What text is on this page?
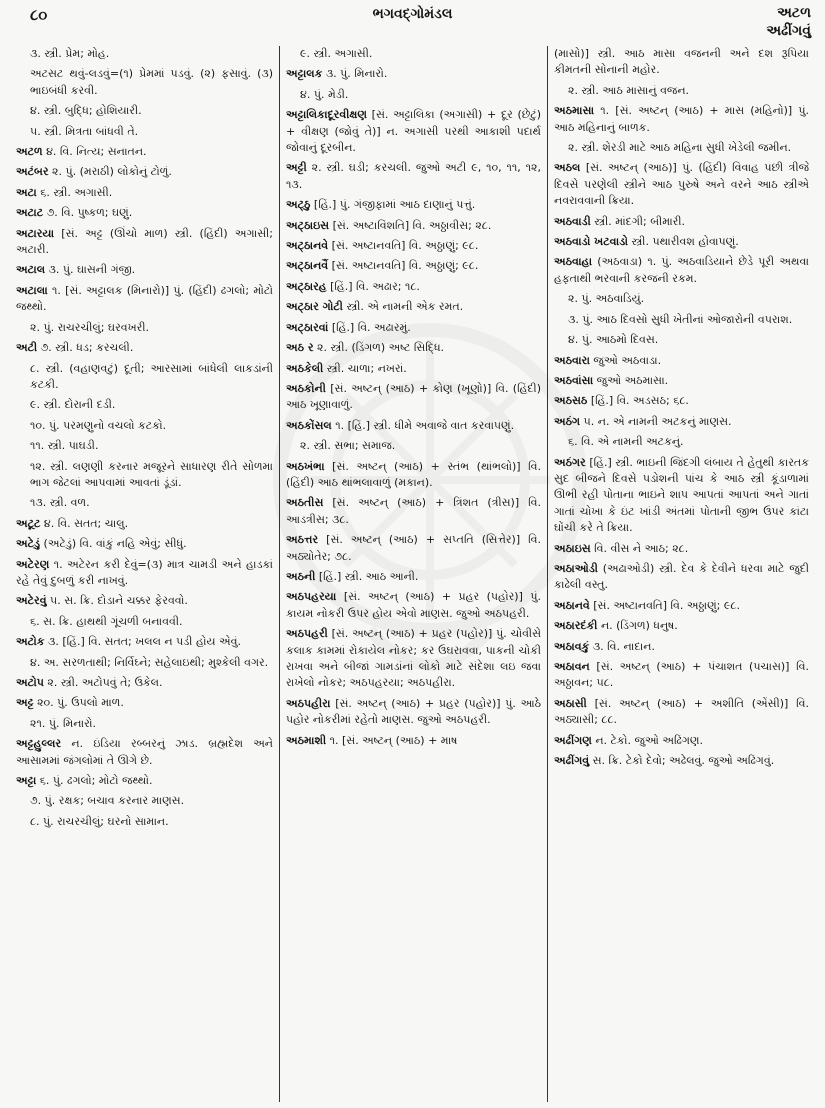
૮૦	ભગવદ્ગોમંડલ	અટળ
અઢીંગવું
૩. સ્ત્રી. પ્રેમ; મોહ.
અટસટ થવું-લડવું=(૧) પ્રેમમાં પડવું. (૨) ફસાવું. (૩) ભાઇબંધી કરવી.
૪. સ્ત્રી. બુદ્ધિ; હોશિયારી.
૫. સ્ત્રી. મિત્રતા બાંધવી તે.
અટળ ૪. વિ. નિત્ય; સનાતન.
અટંબર ૨. પું. (મરાઠી) લોકોનું ટોળું.
અટા ૬. સ્ત્રી. અગાસી.
અટાટ ૭. વિ. પુષ્કળ; ઘણું.
અટારયા [સં. અટ્ટ (ઊંચો માળ) સ્ત્રી. (હિંદી) અગાસી; અટારી.
અટાલ ૩. પું. ઘાસની ગંજી.
અટાલા ૧. [સં. અટ્ટાલક (મિનારો)] પું. (હિંદી) ઢગલો; મોટો જથ્થો.
૨. પું. રાચરચીલું; ઘરવખરી.
અટી ૭. સ્ત્રી. ધડ; કરચલી.
૮. સ્ત્રી. (વહાણવટું) દૂતી; આરસામાં બાંધેલી લાકડાંની કટકી.
૯. સ્ત્રી. દોરાની દડી.
૧૦. પું. પરમણુનો વચલો કટકો.
૧૧. સ્ત્રી. પાઘડી.
૧૨. સ્ત્રી. લણણી કરનાર મજૂરને સાધારણ રીતે સોળમા ભાગ જેટલાં આપવામાં આવતાં ડૂંડાં.
૧૩. સ્ત્રી. વળ.
અટૂટ ૪. વિ. સતત; ચાલુ.
અટેડું (અટેડું) વિ. વાંકું નહિ એવું; સીધું.
અટેરણ ૧. અટેરન કરી દેવું=(૩) માત્ર ચામડી અને હાડકાં રહે તેવું દુબળું કરી નાખવું.
અટેરવું ૫. સ. ક્રિ. દોડાને ચક્કર ફેરવવો.
૬. સ. ક્રિ. હાથથી ગૂંચળી બનાવવી.
અટોક ૩. [હિં.] વિ. સતત; ખલલ ન પડી હોય એવું.
૪. અ. સરળતાથી; નિર્વિઘ્ને; સહેલાઇથી; મુશ્કેલી વગર.
અટોપ ૨. સ્ત્રી. અટોપવું તે; ઉકેલ.
અટ્ટ ૨૦. પું. ઉપલો માળ.
૨૧. પું. મિનારો.
અટ્ટહુલ્લર ન. ઇંડિયા રબ્બરનું ઝાડ. બ્રહ્મદેશ અને આસામમાં જંગલોમાં તે ઊગે છે.
અટ્ટા ૬. પું. ઢગલો; મોટો જથ્થો.
૭. પું. રક્ષક; બચાવ કરનાર માણસ.
૮. પું. રાચરચીલું; ઘરનો સામાન.
૯. સ્ત્રી. અગાસી.
અટ્ટાલક ૩. પું. મિનારો.
૪. પું. મેડી.
અટ્ટાલિકાદૂરવીક્ષણ [સં. અટ્ટાલિકા (અગાસી) + દૂર (છેટું) + વીક્ષણ (જોવું તે)] ન. અગાસી પરથી આકાશી પદાર્થ જોવાનું દૂરબીન.
અટ્ટી ૨. સ્ત્રી. ઘડી; કરચલી. જુઓ અટી ૯, ૧૦, ૧૧, ૧૨, ૧૩.
અટ્ઠુ [હિં.] પું. ગંજીફામાં આઠ દાણાનું પત્તું.
અટ્ઠાઇસ [સં. અષ્ટાવિંશતિ] વિ. અઠ્ઠાવીસ; ૨૮.
અટ્ઠાનવે [સં. અષ્ટાનવતિ] વિ. અઠ્ઠાણું; ૯૮.
અટ્ઠાનવૈં [સં. અષ્ટાનવતિ] વિ. અઠ્ઠાણું; ૯૮.
અટ્ઠારહ [હિં.] વિ. અઢાર; ૧૮.
અટ્ઠાર ગોટી સ્ત્રી. એ નામની એક રમત.
અટ્ઠારવાં [હિં.] વિ. અઢારમું.
અઠ ર ૨. સ્ત્રી. (ડિંગળ) અષ્ટ સિદ્ધિ.
અઠકેલી સ્ત્રી. ચાળા; નખરાં.
અઠકોની [સં. અષ્ટન્ (આઠ) + કોણ (ખૂણો)] વિ. (હિંદી) આઠ ખૂણાવાળું.
અઠકોંસલ ૧. [હિં.] સ્ત્રી. ધીમે અવાજે વાત કરવાપણું.
૨. સ્ત્રી. સભા; સમાજ.
અઠખંભા [સં. અષ્ટન્ (આઠ) + સ્તંભ (થાંભલો)] વિ. (હિંદી) આઠ થાંભલાવાળું (મકાન).
અઠતીસ [સં. અષ્ટન્ (આઠ) + ત્રિંશત (ત્રીસ)] વિ. આડત્રીસ; ૩૮.
અઠત્તર [સં. અષ્ટન્ (આઠ) + સપ્તતિ (સિત્તેર)] વિ. અઠ્યોતેર; ૭૮.
અઠની [હિં.] સ્ત્રી. આઠ આની.
અઠપહરયા [સં. અષ્ટન્ (આઠ) + પ્રહર (પહોર)] પું. કાયમ નોકરી ઉપર હોય એવો માણસ. જુઓ અઠપહરી.
અઠપહરી [સં. અષ્ટન્ (આઠ) + પ્રહર (પહોર)] પું. ચોવીસે કલાક કામમાં રોકાયેલ નોકર; કર ઉઘરાવવા, પાકની ચોકી રાખવા અને બીજાં ગામડાંનાં લોકો માટે સંદેશા લઇ જવા રાખેલો નોકર; અઠપહરયા; અઠપહીરા.
અઠપહીરા [સં. અષ્ટન્ (આઠ) + પ્રહર (પહોર)] પું. આઠે પહોર નોકરીમાં રહેતો માણસ. જુઓ અઠપહરી.
અઠમાશી ૧. [સં. અષ્ટન્ (આઠ) + માષ
(માસો)] સ્ત્રી. આઠ માસા વજનની અને દશ રૂપિયા કીમતની સોનાની મહોર.
૨. સ્ત્રી. આઠ માસાનું વજન.
અઠમાસા ૧. [સં. અષ્ટન્ (આઠ) + માસ (મહિનો)] પું. આઠ મહિનાનું બાળક.
૨. સ્ત્રી. શેરડી માટે આઠ મહિના સુધી ખેડેલી જમીન.
અઠલ [સં. અષ્ટન્ (આઠ)] પું. (હિંદી) વિવાહ પછી ત્રીજે દિવસે પરણેલી સ્ત્રીને આઠ પુરુષે અને વરને આઠ સ્ત્રીએ નવરાવવાની ક્રિયા.
અઠવાડી સ્ત્રી. માંદગી; બીમારી.
અઠવાડો ખટવાડો સ્ત્રી. પથારીવશ હોવાપણું.
અઠવાહા (અઠવાડા) ૧. પું. અઠવાડિયાને છેડે પૂરી અથવા હફતાથી ભરવાની કરજની રકમ.
૨. પું. અઠવાડિયું.
૩. પું. આઠ દિવસો સુધી ખેતીનાં ઓજારોની વપરાશ.
૪. પું. આઠમો દિવસ.
અઠવારા જુઓ અઠવાડા.
અઠવાંસા જુઓ અઠમાસા.
અઠસઠ [હિં.] વિ. અડસઠ; ૬૮.
અઠંગ ૫. ન. એ નામની અટકનું માણસ.
૬. વિ. એ નામની અટકનું.
અઠંગર [હિં.] સ્ત્રી. ભાઇની જિંદગી લંબાય તે હેતુથી કારતક સુદ બીજને દિવસે પડોશની પાંચ કે આઠ સ્ત્રી કૂંડાળામાં ઊભી રહી પોતાના ભાઇને શાપ આપતાં આપતાં અને ગાતાં ગાતાં ચોખા કે ઇંટ ખાંડી અંતમાં પોતાની જીભ ઉપર કાંટા ઘોંચી કરે તે ક્રિયા.
અઠાઇસ વિ. વીસ ને આઠ; ૨૮.
અઠાઓડી (અઢાઓડી) સ્ત્રી. દેવ કે દેવીને ધરવા માટે જુદી કાઢેલી વસ્તુ.
અઠાનવે [સં. અષ્ટાનવતિ] વિ. અઠ્ઠાણું; ૯૮.
અઠારદંકી ન. (ડિંગળ) ધનુષ.
અઠાવકું ૩. વિ. નાદાન.
અઠાવન [સં. અષ્ટન્ (આઠ) + પંચાશત (પચાસ)] વિ. અઠ્ઠાવન; ૫૮.
અઠાસી [સં. અષ્ટન્ (આઠ) + અશીતિ (એંસી)] વિ. અઠ્યાસી; ૮૮.
અઢીંગણ ન. ટેકો. જુઓ અઢિંગણ.
અઢીંગવું સ. ક્રિ. ટેકો દેવો; અઢેલવું. જુઓ અઢિંગવું.
